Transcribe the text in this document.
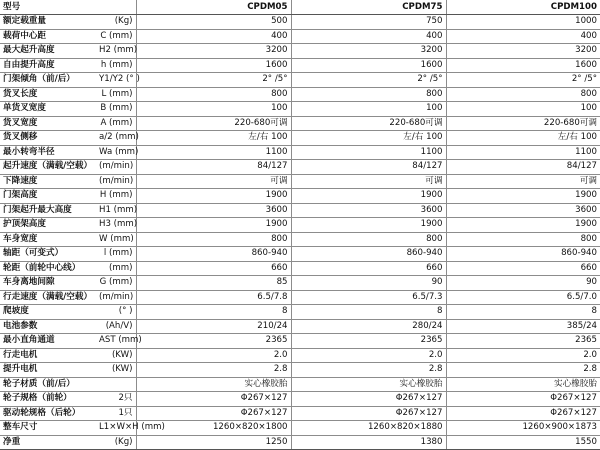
型号		CPDM05	CPDM75	CPDM100
额定载重量	(Kg)	500	750	1000
载荷中心距	C (mm)	400	400	400
最大起升高度	H2 (mm)	3200	3200	3200
自由提升高度	h (mm)	1600	1600	1600
门架倾角（前/后）	Y1/Y2 (° )	2° /5°	2° /5°	2° /5°
货叉长度	L (mm)	800	800	800
单货叉宽度	B (mm)	100	100	100
货叉宽度	A (mm)	220-680可调	220-680可调	220-680可调
货叉侧移	a/2 (mm)	左/右 100	左/右 100	左/右 100
最小转弯半径	Wa (mm)	1100	1100	1100
起升速度（满载/空载）	(m/min)	84/127	84/127	84/127
下降速度	(m/min)	可调	可调	可调
门架高度	H (mm)	1900	1900	1900
门架起升最大高度	H1 (mm)	3600	3600	3600
护顶架高度	H3 (mm)	1900	1900	1900
车身宽度	W (mm)	800	800	800
轴距（可变式）	l (mm)	860-940	860-940	860-940
轮距（前轮中心线）	(mm)	660	660	660
车身离地间隙	G (mm)	85	90	90
行走速度（满载/空载）	(m/min)	6.5/7.8	6.5/7.3	6.5/7.0
爬坡度	(° )	8	8	8
电池参数	(Ah/V)	210/24	280/24	385/24
最小直角通道	AST (mm)	2365	2365	2365
行走电机	(KW)	2.0	2.0	2.0
提升电机	(KW)	2.8	2.8	2.8
轮子材质（前/后）		实心橡胶胎	实心橡胶胎	实心橡胶胎
轮子规格（前轮）	2只	Φ267×127	Φ267×127	Φ267×127
驱动轮规格（后轮）	1只	Φ267×127	Φ267×127	Φ267×127
整车尺寸	L1×W×H (mm)	1260×820×1800	1260×820×1880	1260×900×1873
净重	(Kg)	1250	1380	1550
